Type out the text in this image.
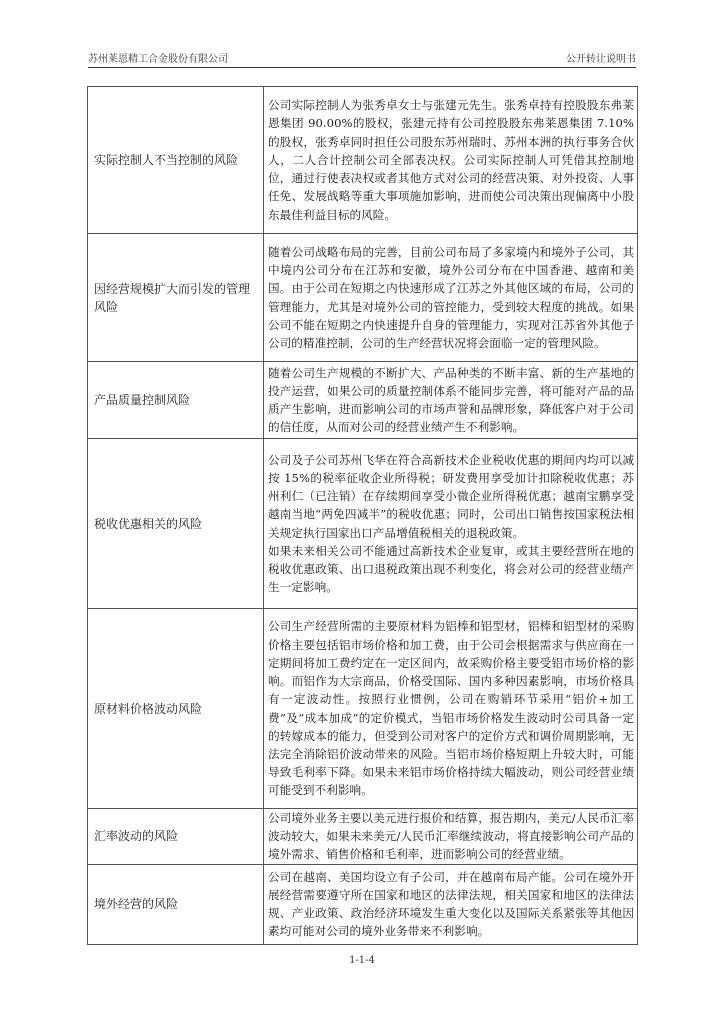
苏州莱恩精工合金股份有限公司	公开转让说明书
实际控制人不当控制的风险	公司实际控制人为张秀卓女士与张建元先生。张秀卓持有控股股东弗莱恩集团 90.00%的股权，张建元持有公司控股股东弗莱恩集团 7.10%的股权，张秀卓同时担任公司股东苏州瑞时、苏州本洲的执行事务合伙人，二人合计控制公司全部表决权。公司实际控制人可凭借其控制地位，通过行使表决权或者其他方式对公司的经营决策、对外投资、人事任免、发展战略等重大事项施加影响，进而使公司决策出现偏离中小股东最佳利益目标的风险。

因经营规模扩大而引发的管理风险	随着公司战略布局的完善，目前公司布局了多家境内和境外子公司，其中境内公司分布在江苏和安徽，境外公司分布在中国香港、越南和美国。由于公司在短期之内快速形成了江苏之外其他区域的布局，公司的管理能力，尤其是对境外公司的管控能力，受到较大程度的挑战。如果公司不能在短期之内快速提升自身的管理能力，实现对江苏省外其他子公司的精准控制，公司的生产经营状况将会面临一定的管理风险。

产品质量控制风险	随着公司生产规模的不断扩大、产品种类的不断丰富、新的生产基地的投产运营，如果公司的质量控制体系不能同步完善，将可能对产品的品质产生影响，进而影响公司的市场声誉和品牌形象，降低客户对于公司的信任度，从而对公司的经营业绩产生不利影响。

税收优惠相关的风险	公司及子公司苏州飞华在符合高新技术企业税收优惠的期间内均可以减按 15%的税率征收企业所得税；研发费用享受加计扣除税收优惠；苏州利仁（已注销）在存续期间享受小微企业所得税优惠；越南宝鹏享受越南当地“两免四减半”的税收优惠；同时，公司出口销售按国家税法相关规定执行国家出口产品增值税相关的退税政策。

如果未来相关公司不能通过高新技术企业复审，或其主要经营所在地的税收优惠政策、出口退税政策出现不利变化，将会对公司的经营业绩产生一定影响。

原材料价格波动风险	公司生产经营所需的主要原材料为铝棒和铝型材，铝棒和铝型材的采购价格主要包括铝市场价格和加工费，由于公司会根据需求与供应商在一定期间将加工费约定在一定区间内，故采购价格主要受铝市场价格的影响。而铝作为大宗商品，价格受国际、国内多种因素影响，市场价格具有一定波动性。按照行业惯例，公司在购销环节采用“铝价+加工费”及“成本加成”的定价模式，当铝市场价格发生波动时公司具备一定的转嫁成本的能力，但受到公司对客户的定价方式和调价周期影响，无法完全消除铝价波动带来的风险。当铝市场价格短期上升较大时，可能导致毛利率下降。如果未来铝市场价格持续大幅波动，则公司经营业绩可能受到不利影响。

汇率波动的风险	公司境外业务主要以美元进行报价和结算，报告期内，美元/人民币汇率波动较大，如果未来美元/人民币汇率继续波动，将直接影响公司产品的境外需求、销售价格和毛利率，进而影响公司的经营业绩。

境外经营的风险	公司在越南、美国均设立有子公司，并在越南布局产能。公司在境外开展经营需要遵守所在国家和地区的法律法规，相关国家和地区的法律法规、产业政策、政治经济环境发生重大变化以及国际关系紧张等其他因素均可能对公司的境外业务带来不利影响。

1-1-4
